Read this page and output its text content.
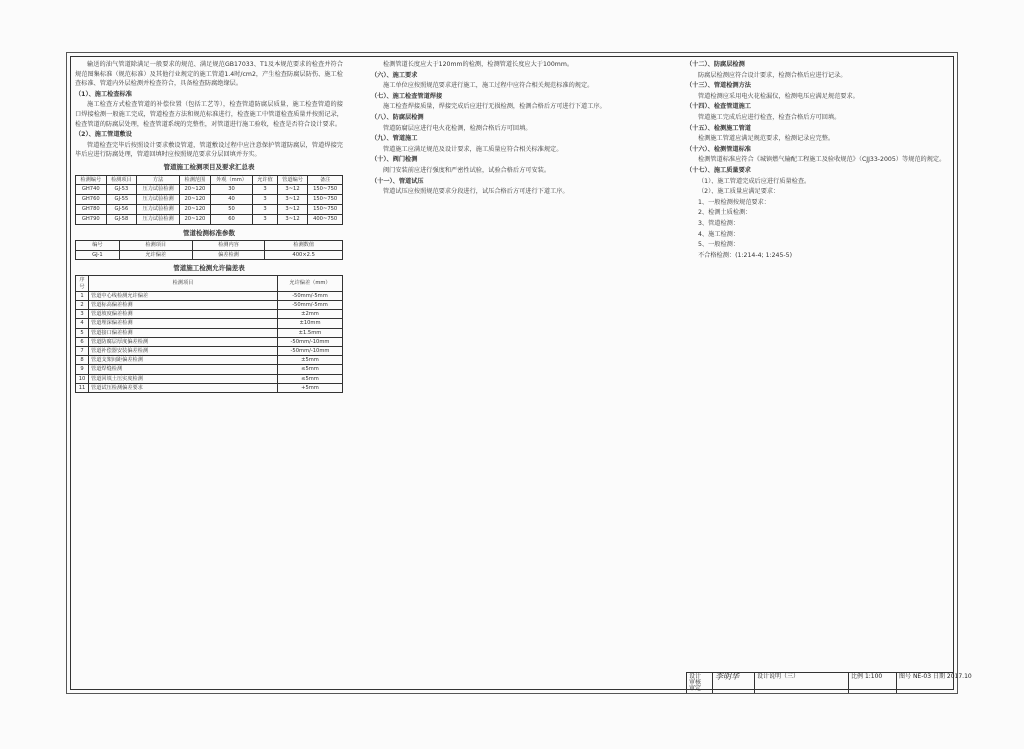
输送的油气管道除满足一般要求的规范、满足规范GB17033、T1及本规范要求的检查并符合规范图集标准（规范标准）及其他行业规定的施工管道1.4时/cm2，产生检查防腐层防伤、施工检查标准、管道内外层检测并检查符合，具备检查防腐绝缘层。

（1）、施工检查标准

施工检查方式检查管道的补偿位置（包括工艺等），检查管道防腐层质量，施工检查管道的接口焊接检测一般施工完成，管道检查方法和规范标准进行，检查施工中管道检查质量并按照记录，检查管道的防腐层处理，检查管道系统的完整性，对管道进行施工验收，检查是否符合设计要求。

（2）、施工管道敷设

管道检查完毕后按照设计要求敷设管道，管道敷设过程中应注意保护管道防腐层，管道焊接完毕后应进行防腐处理，管道回填时应按照规范要求分层回填并夯实。

管道施工检测项目及要求汇总表
检测编号	检测项目	方法	检测范围	外观（mm）	允许值	管道编号	备注
GH740	GJ-53	压力试验检测	20~120	30	3	3~12	150~750
GH760	GJ-55	压力试验检测	20~120	40	3	3~12	150~750
GH780	GJ-56	压力试验检测	20~120	50	3	3~12	150~750
GH790	GJ-58	压力试验检测	20~120	60	3	3~12	400~750
管道检测标准参数
编号	检测项目	检测内容	检测数值
GJ-1	允许偏差	偏差检测	400×2.5
管道施工检测允许偏差表
序号	检测项目	允许偏差（mm）
1	管道中心线检测允许偏差	-50mm/-5mm
2	管道标高偏差检测	-50mm/-5mm
3	管道坡度偏差检测	±2mm
4	管道埋深偏差检测	±10mm
5	管道接口偏差检测	±1.5mm
6	管道防腐层厚度偏差检测	-50mm/-10mm
7	管道补偿器安装偏差检测	-50mm/-10mm
8	管道支架间距偏差检测	±5mm
9	管道焊缝检测	≤5mm
10	管道回填土压实度检测	≤5mm
11	管道试压检测偏差要求	+5mm

检测管道长度应大于120mm的检测，检测管道长度应大于100mm。

（六）、施工要求

施工单位应按照规范要求进行施工，施工过程中应符合相关规范标准的规定。

（七）、施工检查管道焊接

施工检查焊接质量，焊接完成后应进行无损检测，检测合格后方可进行下道工序。

（八）、防腐层检测

管道防腐层应进行电火花检测，检测合格后方可回填。

（九）、管道施工

管道施工应满足规范及设计要求，施工质量应符合相关标准规定。

（十）、阀门检测

阀门安装前应进行强度和严密性试验，试验合格后方可安装。

（十一）、管道试压

管道试压应按照规范要求分段进行，试压合格后方可进行下道工序。

（十二）、防腐层检测

防腐层检测应符合设计要求，检测合格后应进行记录。

（十三）、管道检测方法

管道检测应采用电火花检漏仪，检测电压应满足规范要求。

（十四）、检查管道施工

管道施工完成后应进行检查，检查合格后方可回填。

（十五）、检测施工管道

检测施工管道应满足规范要求，检测记录应完整。

（十六）、检测管道标准

检测管道标准应符合《城镇燃气输配工程施工及验收规范》（CJJ33-2005）等规范的规定。

（十七）、施工质量要求

（1）、施工管道完成后应进行质量检查。

（2）、施工质量应满足要求：

1、一般检测按规范要求：

2、检测土质检测：

3、管道检测：

4、施工检测：

5、一般检测：

不合格检测：(1:214-4; 1:245-5)

设计
审核
审定
李明华	设计说明（三）	比例 1:100	图号 NE-03 日期 2017.10
